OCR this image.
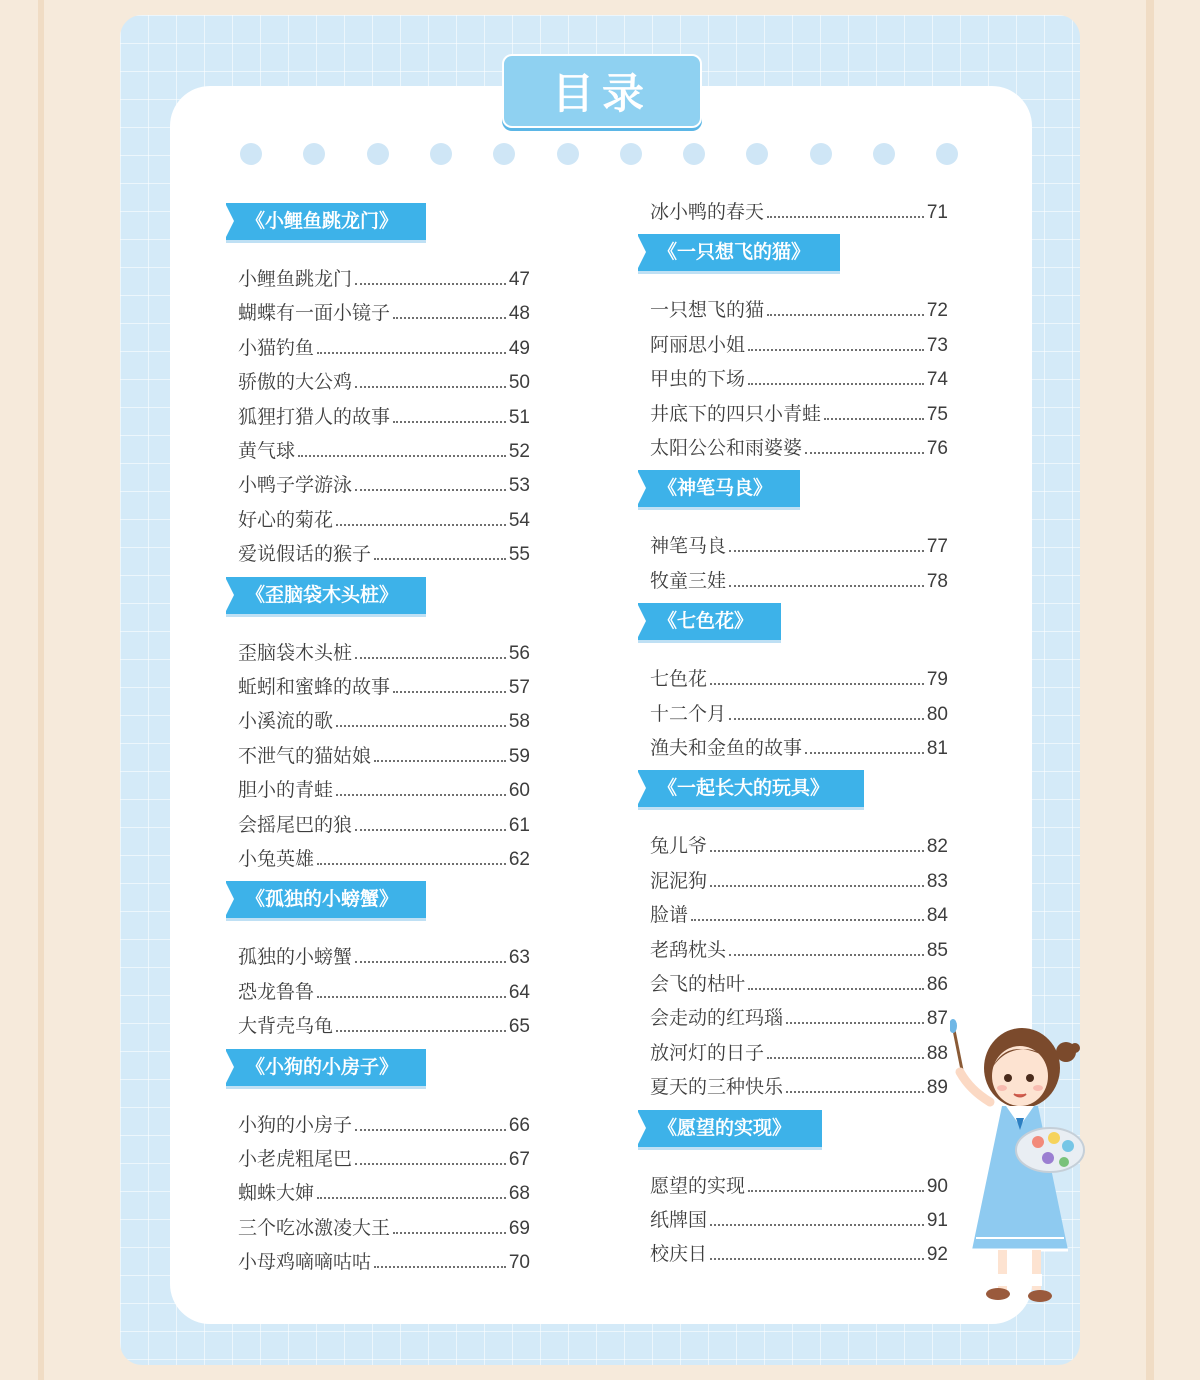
目录
《小鲤鱼跳龙门》
小鲤鱼跳龙门	47
蝴蝶有一面小镜子	48
小猫钓鱼	49
骄傲的大公鸡	50
狐狸打猎人的故事	51
黄气球	52
小鸭子学游泳	53
好心的菊花	54
爱说假话的猴子	55
《歪脑袋木头桩》
歪脑袋木头桩	56
蚯蚓和蜜蜂的故事	57
小溪流的歌	58
不泄气的猫姑娘	59
胆小的青蛙	60
会摇尾巴的狼	61
小兔英雄	62
《孤独的小螃蟹》
孤独的小螃蟹	63
恐龙鲁鲁	64
大背壳乌龟	65
《小狗的小房子》
小狗的小房子	66
小老虎粗尾巴	67
蜘蛛大婶	68
三个吃冰激凌大王	69
小母鸡嘀嘀咕咕	70
冰小鸭的春天	71
《一只想飞的猫》
一只想飞的猫	72
阿丽思小姐	73
甲虫的下场	74
井底下的四只小青蛙	75
太阳公公和雨婆婆	76
《神笔马良》
神笔马良	77
牧童三娃	78
《七色花》
七色花	79
十二个月	80
渔夫和金鱼的故事	81
《一起长大的玩具》
兔儿爷	82
泥泥狗	83
脸谱	84
老鸹枕头	85
会飞的枯叶	86
会走动的红玛瑙	87
放河灯的日子	88
夏天的三种快乐	89
《愿望的实现》
愿望的实现	90
纸牌国	91
校庆日	92
